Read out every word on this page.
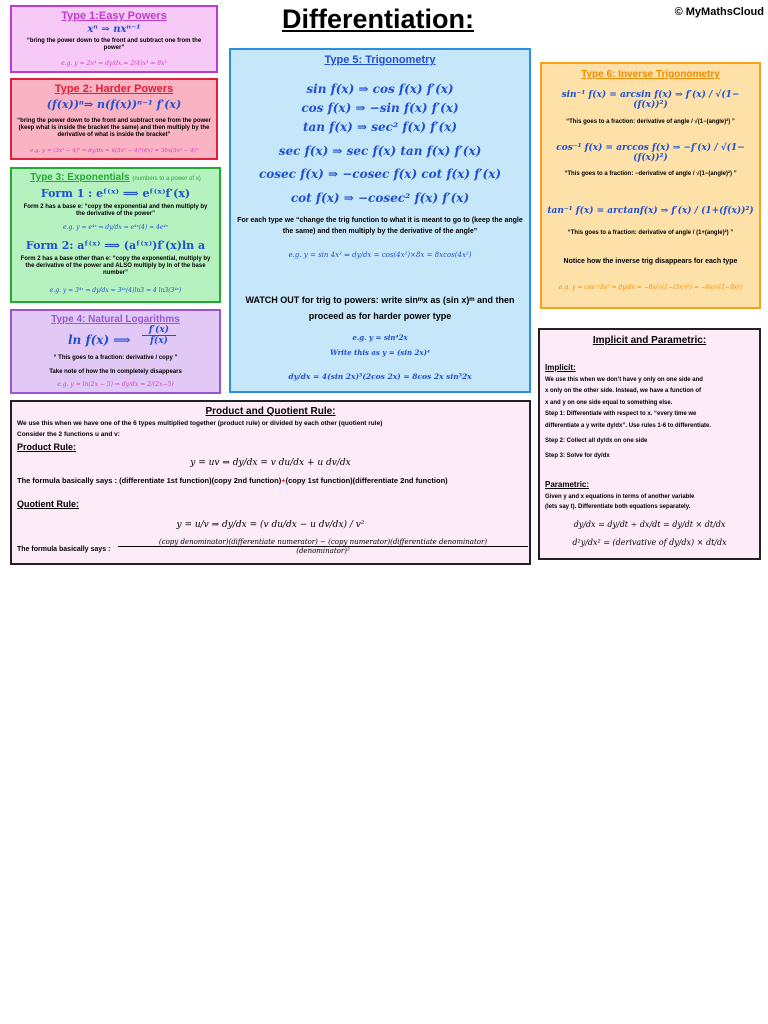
Differentiation:	© MyMathsCloud
Type 1:Easy Powers
xⁿ ⇒ nxⁿ⁻¹
“bring the power down to the front and subtract one from the power”
e.g. y = 2x⁴ ⇒ dy/dx = 2(4)x³ = 8x³
Type 2: Harder Powers
(f(x))ⁿ⇒ n(f(x))ⁿ⁻¹ f′(x)
“bring the power down to the front and subtract one from the power (keep what is inside the bracket the same) and then multiply by the derivative of what is inside the bracket”
e.g. y = (3x² − 4)⁶ ⇒ dy/dx = 6(3x² − 4)⁵(6x) = 36x(3x² − 4)⁵
Type 3: Exponentials (numbers to a power of x)
Form 1 : eᶠ⁽ˣ⁾ ⟹ eᶠ⁽ˣ⁾f′(x)
Form 2 has a base e: “copy the exponential and then multiply by the derivative of the power”
e.g. y = e⁴ˣ ⇒ dy/dx = e⁴ˣ(4) = 4e⁴ˣ
Form 2: aᶠ⁽ˣ⁾ ⟹ (aᶠ⁽ˣ⁾)f′(x)ln a
Form 2 has a base other than e: “copy the exponential, multiply by the derivative of the power and ALSO multiply by ln of the base number”
e.g. y = 3⁴ˣ ⇒ dy/dx = 3⁴ˣ(4)ln3 = 4 ln3(3⁴ˣ)
Type 4: Natural Logarithms
ln f(x) ⟹ $\frac{f'(x)}{f(x)}$
“ This goes to a fraction: derivative / copy ”
Take note of how the ln completely disappears
e.g. y = ln(2x − 5) ⇒ dy/dx = 2/(2x−5)
Type 5: Trigonometry
sin f(x) ⇒ cos f(x) f′(x)
cos f(x) ⇒ −sin f(x) f′(x)
tan f(x) ⇒ sec² f(x) f′(x)
sec f(x) ⇒ sec f(x) tan f(x) f′(x)
cosec f(x) ⇒ −cosec f(x) cot f(x) f′(x)
cot f(x) ⇒ −cosec² f(x) f′(x)
For each type we “change the trig function to what it is meant to go to (keep the angle the same) and then multiply by the derivative of the angle”
e.g. y = sin 4x² ⇒ dy/dx = cos(4x²)×8x = 8xcos(4x²)
WATCH OUT for trig to powers: write sinᵐx as (sin x)ᵐ and then proceed as for harder power type
e.g. y = sin⁴2x
Write this as y = (sin 2x)⁴
dy/dx = 4(sin 2x)³(2cos 2x) = 8cos 2x sin³2x
Type 6: Inverse Trigonometry
sin⁻¹ f(x) = arcsin f(x) ⇒ f′(x) / √(1−(f(x))²)
“This goes to a fraction: derivative of angle / √(1−(angle)²) ”
cos⁻¹ f(x) = arccos f(x) ⇒ −f′(x) / √(1−(f(x))²)
“This goes to a fraction: −derivative of angle / √(1−(angle)²) ”
tan⁻¹ f(x) = arctanf(x) ⇒ f′(x) / (1+(f(x))²)
“This goes to a fraction: derivative of angle / (1+(angle)²) ”
Notice how the inverse trig disappears for each type
e.g. y = cos⁻¹3x² ⇒ dy/dx = −6x/√(1−(3x²)²) = −6x/√(1−9x⁴)
Implicit and Parametric:
Implicit:
We use this when we don’t have y only on one side and
x only on the other side. Instead, we have a function of
x and y on one side equal to something else.
Step 1: Differentiate with respect to x. “every time we
differentiate a y write dy/dx”. Use rules 1-6 to differentiate.
Step 2: Collect all dy/dx on one side
Step 3: Solve for dy/dx
Parametric:
Given y and x equations in terms of another variable
(lets say t). Differentiate both equations separately.
dy/dx = dy/dt ÷ dx/dt = dy/dt × dt/dx
d²y/dx² = (derivative of dy/dx) × dt/dx
Product and Quotient Rule:
We use this when we have one of the 6 types multiplied together (product rule) or divided by each other (quotient rule)
Consider the 2 functions u and v:
Product Rule:
y = uv ⇒ dy/dx = v du/dx + u dv/dx
The formula basically says : (differentiate 1st function)(copy 2nd function)+(copy 1st function)(differentiate 2nd function)
Quotient Rule:
y = u/v ⇒ dy/dx = (v du/dx − u dv/dx) / v²
The formula basically says :
(copy denominator)(differentiate numerator) − (copy numerator)(differentiate denominator)
(denominator)²
